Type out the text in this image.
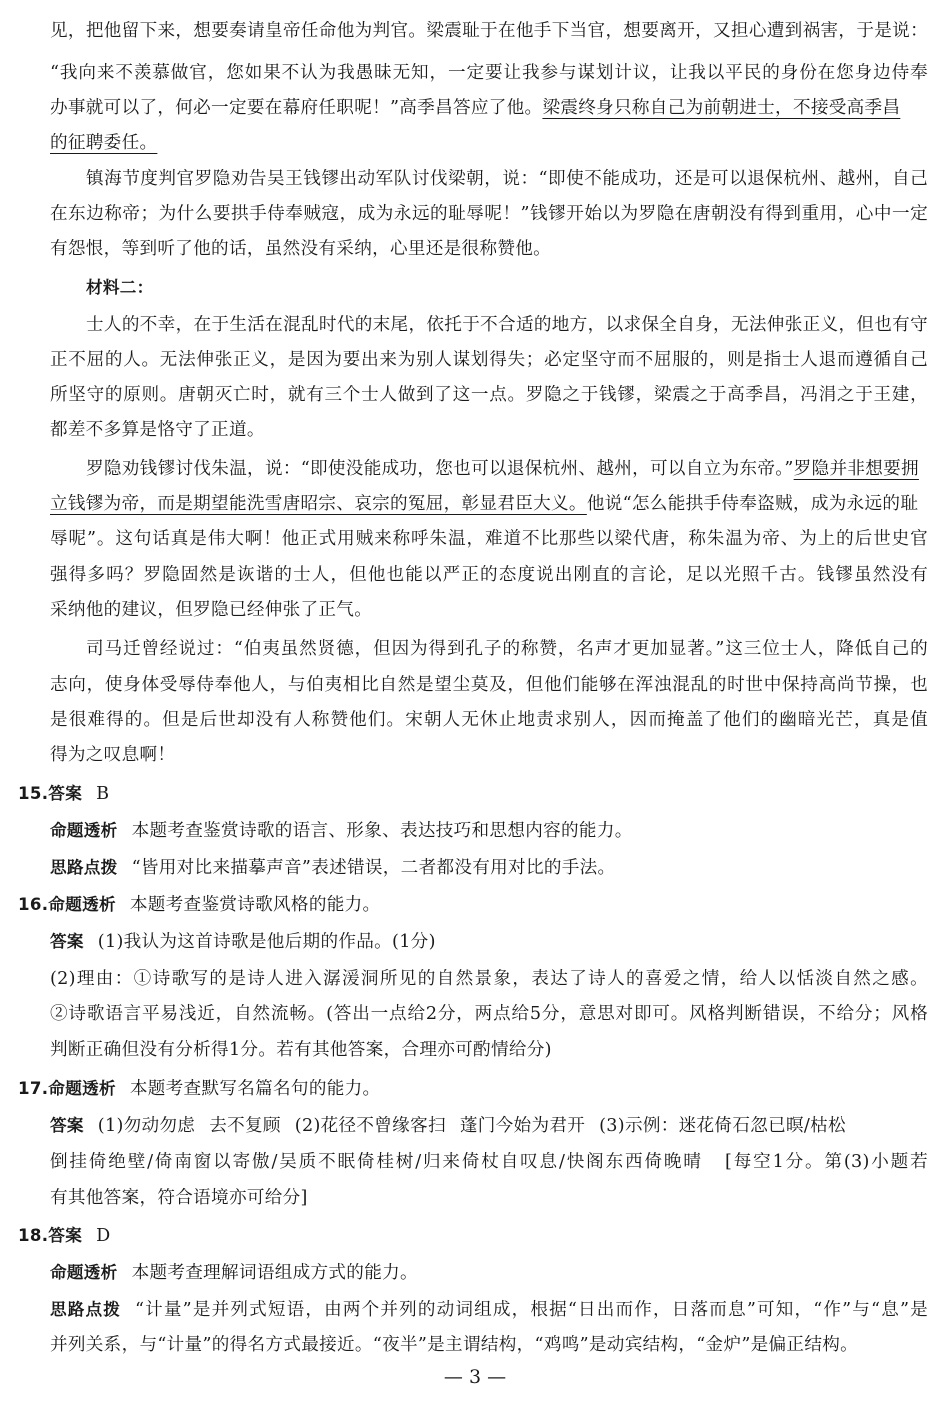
见，把他留下来，想要奏请皇帝任命他为判官。梁震耻于在他手下当官，想要离开，又担心遭到祸害，于是说：
“我向来不羡慕做官，您如果不认为我愚昧无知，一定要让我参与谋划计议，让我以平民的身份在您身边侍奉
办事就可以了，何必一定要在幕府任职呢！”高季昌答应了他。梁震终身只称自己为前朝进士，不接受高季昌
的征聘委任。
镇海节度判官罗隐劝告吴王钱镠出动军队讨伐梁朝，说：“即使不能成功，还是可以退保杭州、越州，自己
在东边称帝；为什么要拱手侍奉贼寇，成为永远的耻辱呢！”钱镠开始以为罗隐在唐朝没有得到重用，心中一定
有怨恨，等到听了他的话，虽然没有采纳，心里还是很称赞他。
材料二：
士人的不幸，在于生活在混乱时代的末尾，依托于不合适的地方，以求保全自身，无法伸张正义，但也有守
正不屈的人。无法伸张正义，是因为要出来为别人谋划得失；必定坚守而不屈服的，则是指士人退而遵循自己
所坚守的原则。唐朝灭亡时，就有三个士人做到了这一点。罗隐之于钱镠，梁震之于高季昌，冯涓之于王建，
都差不多算是恪守了正道。
罗隐劝钱镠讨伐朱温，说：“即使没能成功，您也可以退保杭州、越州，可以自立为东帝。”罗隐并非想要拥
立钱镠为帝，而是期望能洗雪唐昭宗、哀宗的冤屈，彰显君臣大义。他说“怎么能拱手侍奉盗贼，成为永远的耻
辱呢”。这句话真是伟大啊！他正式用贼来称呼朱温，难道不比那些以梁代唐，称朱温为帝、为上的后世史官
强得多吗？罗隐固然是诙谐的士人，但他也能以严正的态度说出刚直的言论，足以光照千古。钱镠虽然没有
采纳他的建议，但罗隐已经伸张了正气。
司马迁曾经说过：“伯夷虽然贤德，但因为得到孔子的称赞，名声才更加显著。”这三位士人，降低自己的
志向，使身体受辱侍奉他人，与伯夷相比自然是望尘莫及，但他们能够在浑浊混乱的时世中保持高尚节操，也
是很难得的。但是后世却没有人称赞他们。宋朝人无休止地责求别人，因而掩盖了他们的幽暗光芒，真是值
得为之叹息啊！
15.答案 B
命题透析 本题考查鉴赏诗歌的语言、形象、表达技巧和思想内容的能力。
思路点拨 “皆用对比来描摹声音”表述错误，二者都没有用对比的手法。
16.命题透析 本题考查鉴赏诗歌风格的能力。
答案 (1)我认为这首诗歌是他后期的作品。(1分)
(2)理由：①诗歌写的是诗人进入潺湲洞所见的自然景象，表达了诗人的喜爱之情，给人以恬淡自然之感。
②诗歌语言平易浅近，自然流畅。(答出一点给2分，两点给5分，意思对即可。风格判断错误，不给分；风格
判断正确但没有分析得1分。若有其他答案，合理亦可酌情给分)
17.命题透析 本题考查默写名篇名句的能力。
答案 (1)勿动勿虑 去不复顾 (2)花径不曾缘客扫 蓬门今始为君开 (3)示例：迷花倚石忽已暝/枯松
倒挂倚绝壁/倚南窗以寄傲/吴质不眠倚桂树/归来倚杖自叹息/快阁东西倚晚晴   [每空1分。第(3)小题若
有其他答案，符合语境亦可给分]
18.答案 D
命题透析 本题考查理解词语组成方式的能力。
思路点拨 “计量”是并列式短语，由两个并列的动词组成，根据“日出而作，日落而息”可知，“作”与“息”是
并列关系，与“计量”的得名方式最接近。“夜半”是主谓结构，“鸡鸣”是动宾结构，“金炉”是偏正结构。
— 3 —
